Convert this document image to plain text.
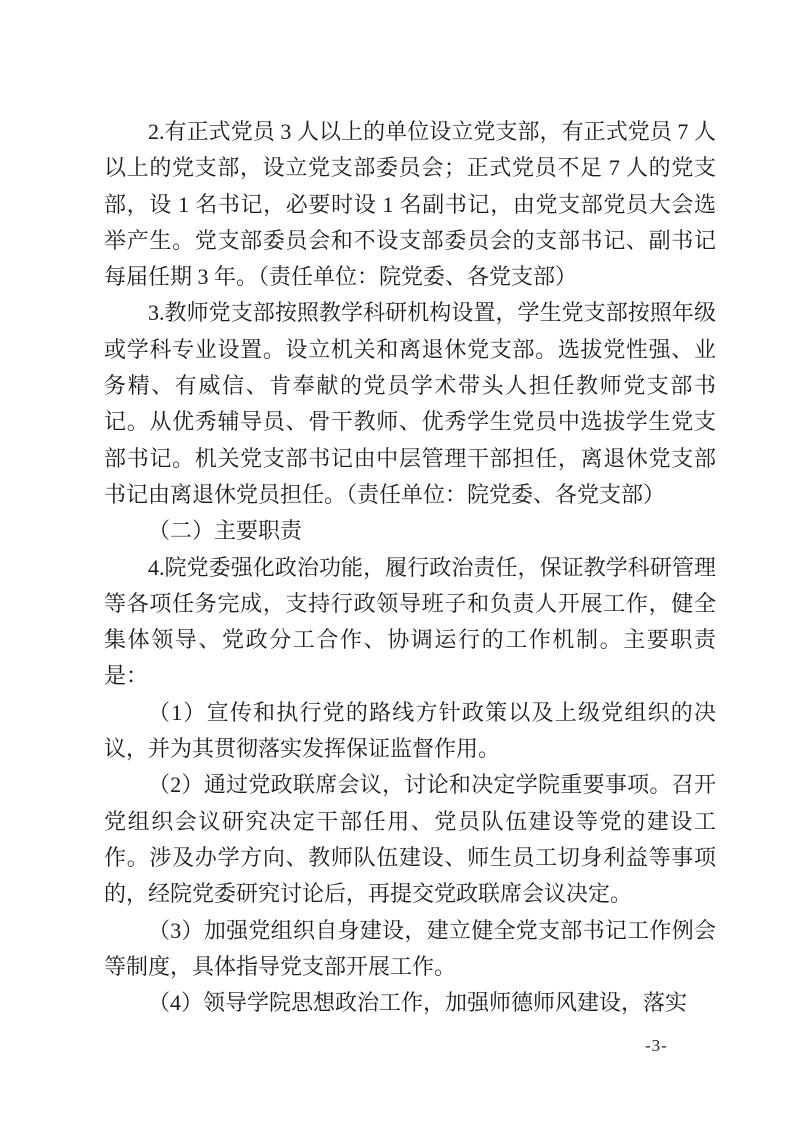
2.有正式党员 3 人以上的单位设立党支部，有正式党员 7 人以上的党支部，设立党支部委员会；正式党员不足 7 人的党支部，设 1 名书记，必要时设 1 名副书记，由党支部党员大会选举产生。党支部委员会和不设支部委员会的支部书记、副书记每届任期 3 年。（责任单位：院党委、各党支部）

3.教师党支部按照教学科研机构设置，学生党支部按照年级或学科专业设置。设立机关和离退休党支部。选拔党性强、业务精、有威信、肯奉献的党员学术带头人担任教师党支部书记。从优秀辅导员、骨干教师、优秀学生党员中选拔学生党支部书记。机关党支部书记由中层管理干部担任，离退休党支部书记由离退休党员担任。（责任单位：院党委、各党支部）

（二）主要职责

4.院党委强化政治功能，履行政治责任，保证教学科研管理等各项任务完成，支持行政领导班子和负责人开展工作，健全集体领导、党政分工合作、协调运行的工作机制。主要职责是：

（1）宣传和执行党的路线方针政策以及上级党组织的决议，并为其贯彻落实发挥保证监督作用。

（2）通过党政联席会议，讨论和决定学院重要事项。召开党组织会议研究决定干部任用、党员队伍建设等党的建设工作。涉及办学方向、教师队伍建设、师生员工切身利益等事项的，经院党委研究讨论后，再提交党政联席会议决定。

（3）加强党组织自身建设，建立健全党支部书记工作例会等制度，具体指导党支部开展工作。

（4）领导学院思想政治工作，加强师德师风建设，落实

-3-
